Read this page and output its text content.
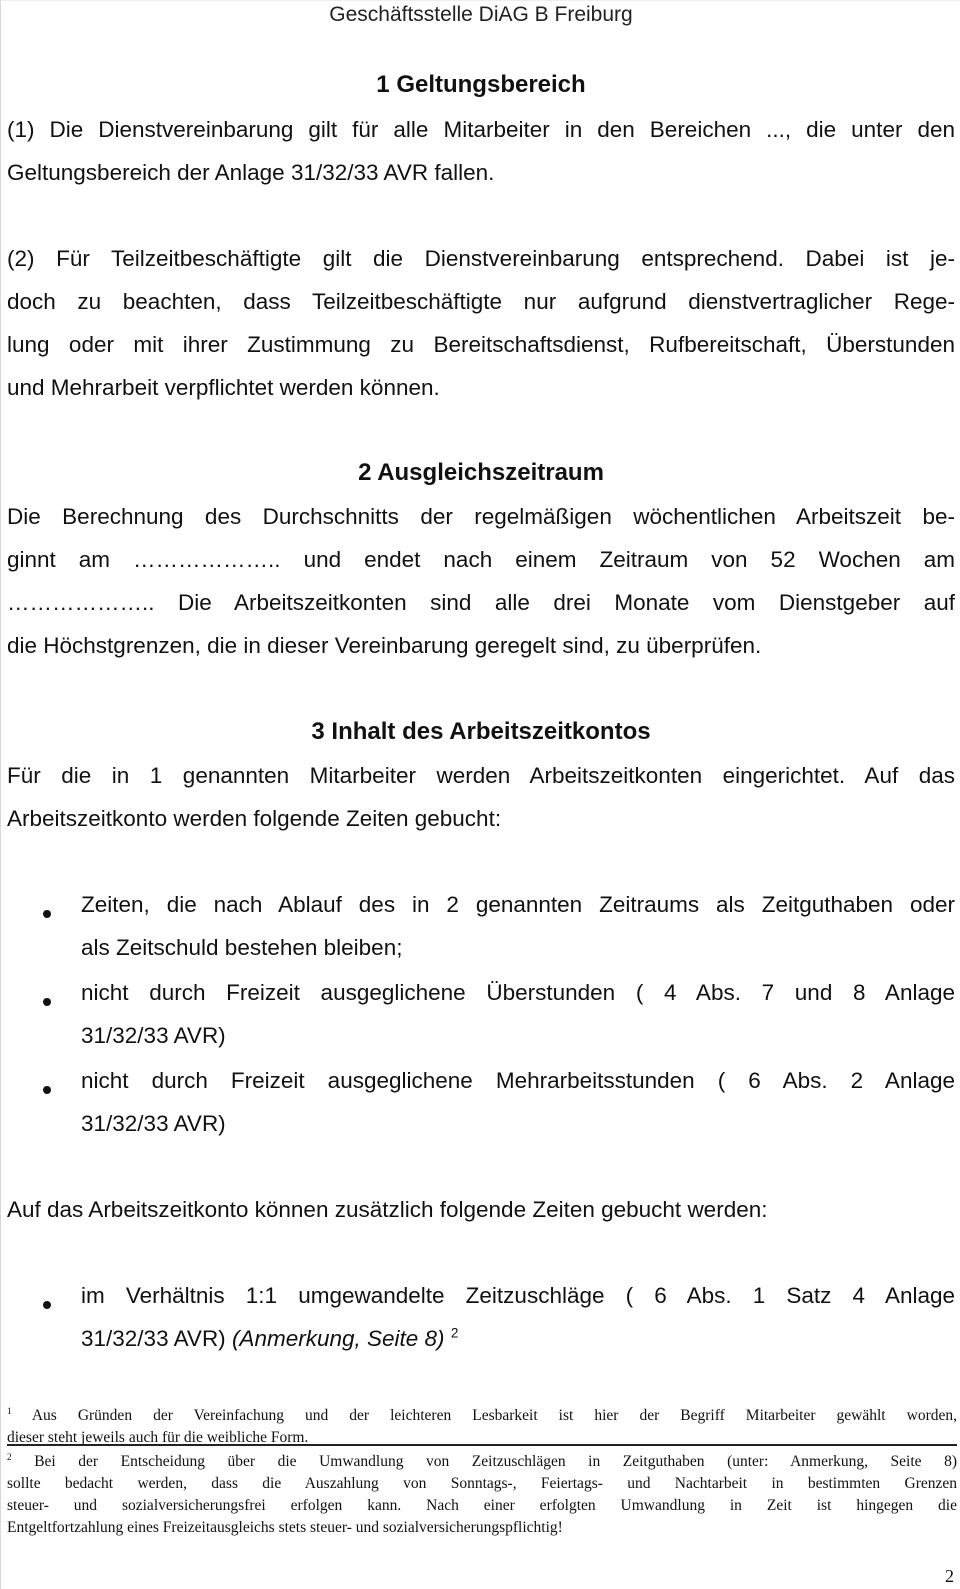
Geschäftsstelle DiAG B Freiburg
1 Geltungsbereich
(1) Die Dienstvereinbarung gilt für alle Mitarbeiter in den Bereichen ..., die unter den
Geltungsbereich der Anlage 31/32/33 AVR fallen.
(2) Für Teilzeitbeschäftigte gilt die Dienstvereinbarung entsprechend. Dabei ist je-
doch zu beachten, dass Teilzeitbeschäftigte nur aufgrund dienstvertraglicher Rege-
lung oder mit ihrer Zustimmung zu Bereitschaftsdienst, Rufbereitschaft, Überstunden
und Mehrarbeit verpflichtet werden können.
2 Ausgleichszeitraum
Die Berechnung des Durchschnitts der regelmäßigen wöchentlichen Arbeitszeit be-
ginnt am ……………….. und endet nach einem Zeitraum von 52 Wochen am
……………….. Die Arbeitszeitkonten sind alle drei Monate vom Dienstgeber auf
die Höchstgrenzen, die in dieser Vereinbarung geregelt sind, zu überprüfen.
3 Inhalt des Arbeitszeitkontos
Für die in 1 genannten Mitarbeiter werden Arbeitszeitkonten eingerichtet. Auf das
Arbeitszeitkonto werden folgende Zeiten gebucht:
Zeiten, die nach Ablauf des in 2 genannten Zeitraums als Zeitguthaben oder
als Zeitschuld bestehen bleiben;
nicht durch Freizeit ausgeglichene Überstunden ( 4 Abs. 7 und 8 Anlage
31/32/33 AVR)
nicht durch Freizeit ausgeglichene Mehrarbeitsstunden ( 6 Abs. 2 Anlage
31/32/33 AVR)
Auf das Arbeitszeitkonto können zusätzlich folgende Zeiten gebucht werden:
im Verhältnis 1:1 umgewandelte Zeitzuschläge ( 6 Abs. 1 Satz 4 Anlage
31/32/33 AVR) (Anmerkung, Seite 8) $^2$
$^1$ Aus Gründen der Vereinfachung und der leichteren Lesbarkeit ist hier der Begriff Mitarbeiter gewählt worden,
dieser steht jeweils auch für die weibliche Form.
$^2$ Bei der Entscheidung über die Umwandlung von Zeitzuschlägen in Zeitguthaben (unter: Anmerkung, Seite 8)
sollte bedacht werden, dass die Auszahlung von Sonntags-, Feiertags- und Nachtarbeit in bestimmten Grenzen
steuer- und sozialversicherungsfrei erfolgen kann. Nach einer erfolgten Umwandlung in Zeit ist hingegen die
Entgeltfortzahlung eines Freizeitausgleichs stets steuer- und sozialversicherungspflichtig!
2
